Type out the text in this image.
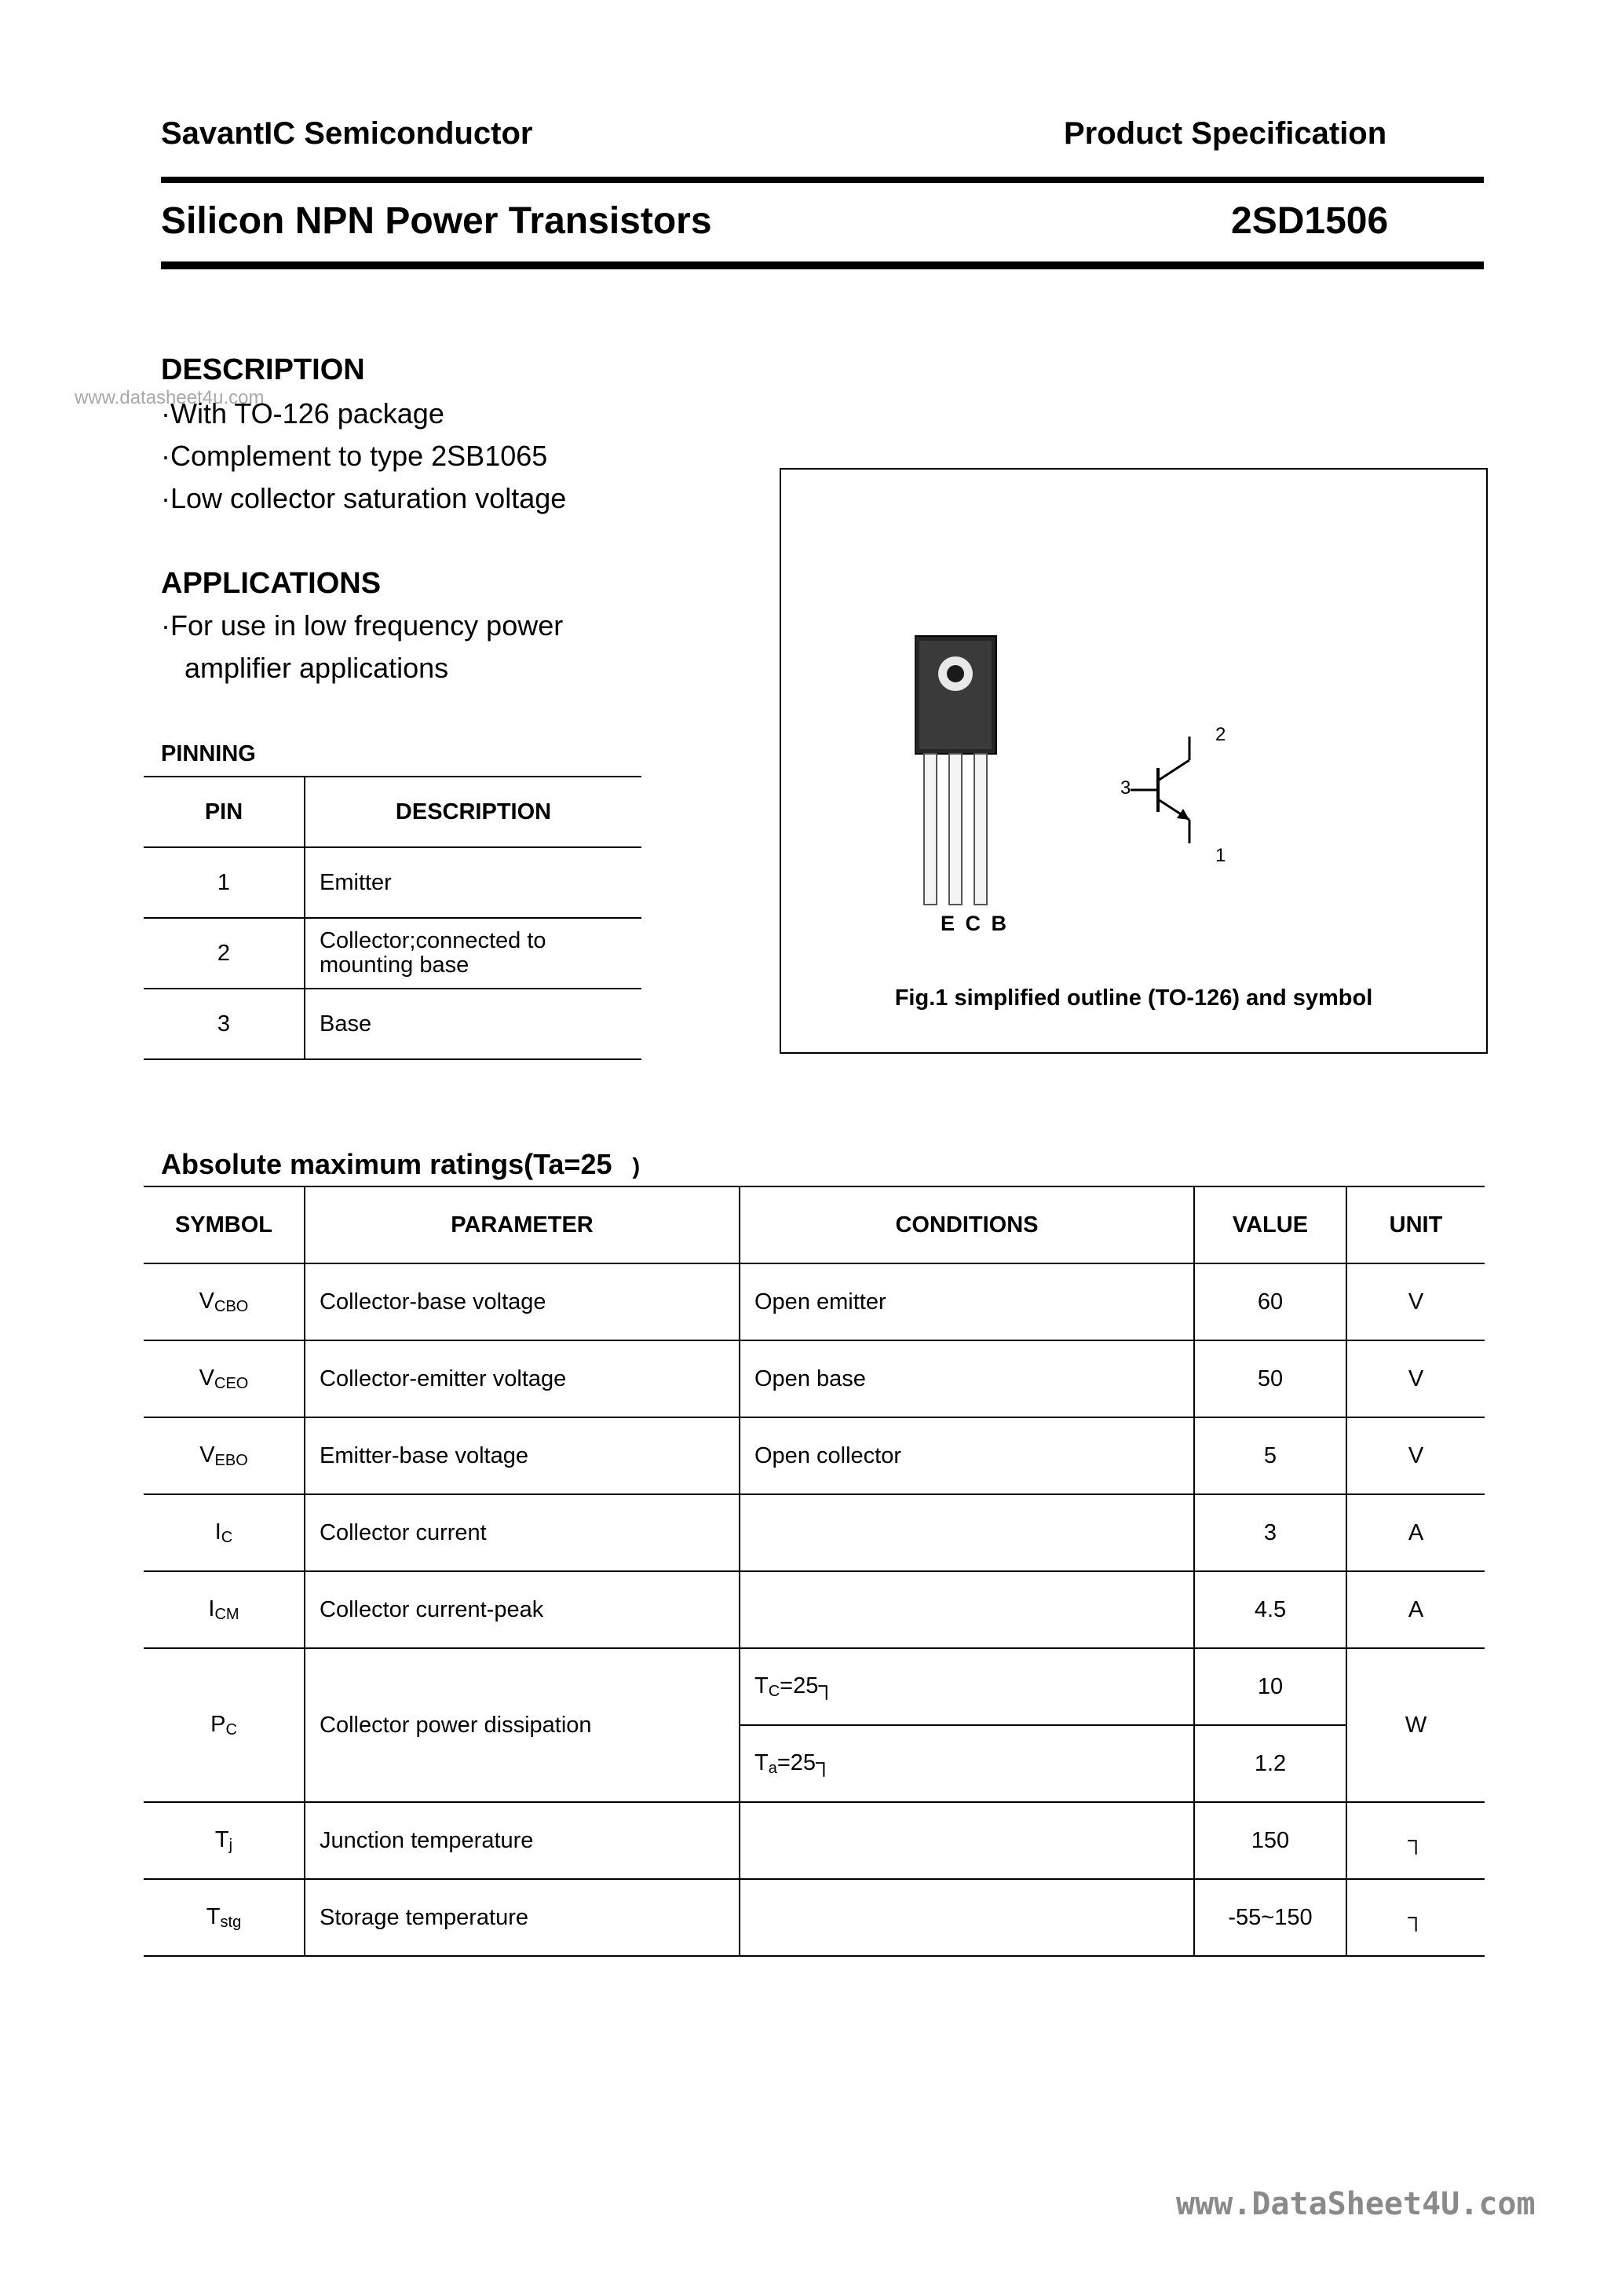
SavantIC Semiconductor	Product Specification
Silicon NPN Power Transistors	2SD1506
www.datasheet4u.com
DESCRIPTION
·With TO-126 package
·Complement to type 2SB1065
·Low collector saturation voltage
APPLICATIONS
·For use in low frequency power
amplifier applications
PINNING
PIN	DESCRIPTION
1	Emitter
2	Collector;connected to
mounting base

3	Base
E C B
2
3
1
Fig.1 simplified outline (TO-126) and symbol
Absolute maximum ratings(Ta=25 )
SYMBOL	PARAMETER	CONDITIONS	VALUE	UNIT
$V_{CBO}$	Collector-base voltage	Open emitter	60	V
$V_{CEO}$	Collector-emitter voltage	Open base	50	V
$V_{EBO}$	Emitter-base voltage	Open collector	5	V
$I_C$	Collector current		3	A
$I_{CM}$	Collector current-peak		4.5	A
$P_C$	Collector power dissipation	$T_C=25┐$	10	W
		$T_a=25┐$	1.2	
$T_j$	Junction temperature		150	┐
$T_{stg}$	Storage temperature		-55~150	┐
www.DataSheet4U.com
